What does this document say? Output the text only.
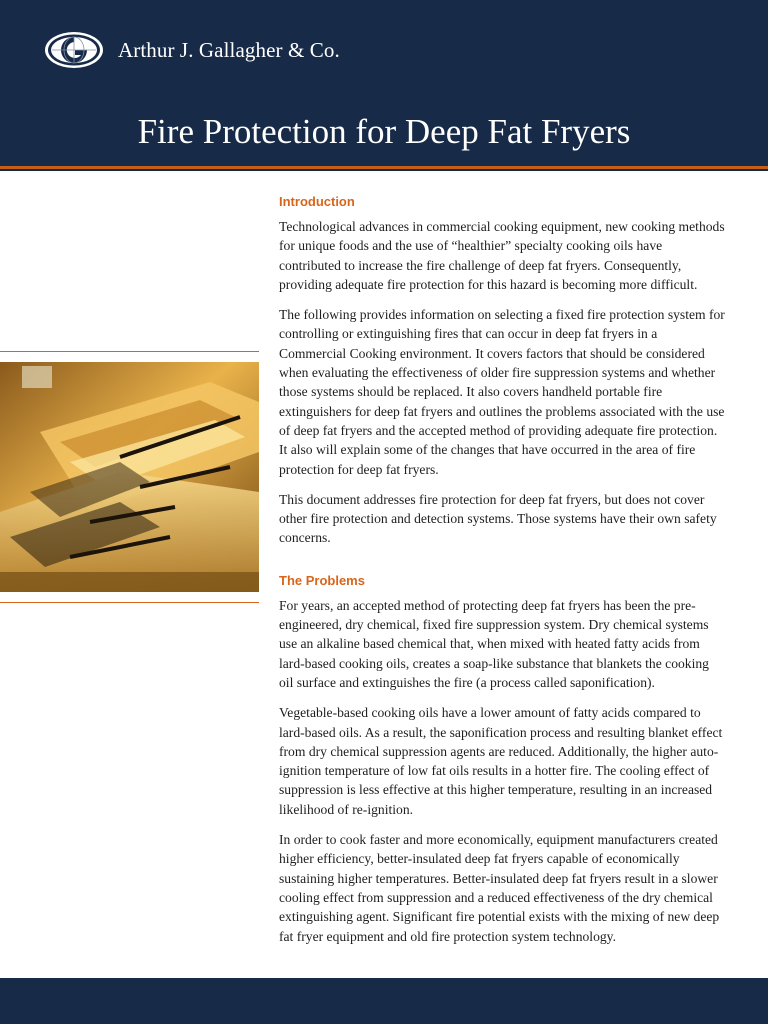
Arthur J. Gallagher & Co.
Fire Protection for Deep Fat Fryers
Introduction

Technological advances in commercial cooking equipment, new cooking methods for unique foods and the use of “healthier” specialty cooking oils have contributed to increase the fire challenge of deep fat fryers. Consequently, providing adequate fire protection for this hazard is becoming more difficult.

The following provides information on selecting a fixed fire protection system for controlling or extinguishing fires that can occur in deep fat fryers in a Commercial Cooking environment. It covers factors that should be considered when evaluating the effectiveness of older fire suppression systems and whether those systems should be replaced. It also covers handheld portable fire extinguishers for deep fat fryers and outlines the problems associated with the use of deep fat fryers and the accepted method of providing adequate fire protection. It also will explain some of the changes that have occurred in the area of fire protection for deep fat fryers.

This document addresses fire protection for deep fat fryers, but does not cover other fire protection and detection systems. Those systems have their own safety concerns.

The Problems

For years, an accepted method of protecting deep fat fryers has been the pre-engineered, dry chemical, fixed fire suppression system. Dry chemical systems use an alkaline based chemical that, when mixed with heated fatty acids from lard-based cooking oils, creates a soap-like substance that blankets the cooking oil surface and extinguishes the fire (a process called saponification).

Vegetable-based cooking oils have a lower amount of fatty acids compared to lard-based oils. As a result, the saponification process and resulting blanket effect from dry chemical suppression agents are reduced. Additionally, the higher auto-ignition temperature of low fat oils results in a hotter fire. The cooling effect of suppression is less effective at this higher temperature, resulting in an increased likelihood of re-ignition.

In order to cook faster and more economically, equipment manufacturers created higher efficiency, better-insulated deep fat fryers capable of economically sustaining higher temperatures. Better-insulated deep fat fryers result in a slower cooling effect from suppression and a reduced effectiveness of the dry chemical extinguishing agent. Significant fire potential exists with the mixing of new deep fat fryer equipment and old fire protection system technology.
